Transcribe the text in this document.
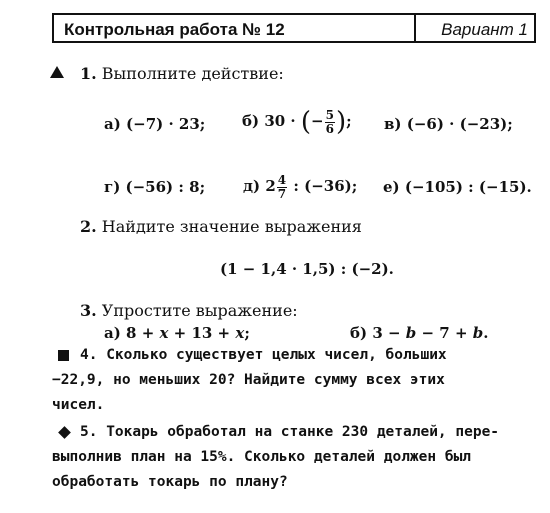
Контрольная работа № 12	Вариант 1
1. Выполните действие:
а) (−7) · 23; б) 30 · (− $\frac{5}{6}$ ); в) (−6) · (−23);
г) (−56) : 8;	д) $2 \frac{4}{7}$ : (−36); е) (−105) : (−15).
2. Найдите значение выражения
(1 − 1,4 · 1,5) : (−2).
3. Упростите выражение:
а) 8 + x + 13 + x;	б) 3 − b − 7 + b.
4. Сколько существует целых чисел, больших
−22,9, но меньших 20? Найдите сумму всех этих
чисел.
5. Токарь обработал на станке 230 деталей, пере-
выполнив план на 15%. Сколько деталей должен был
обработать токарь по плану?
